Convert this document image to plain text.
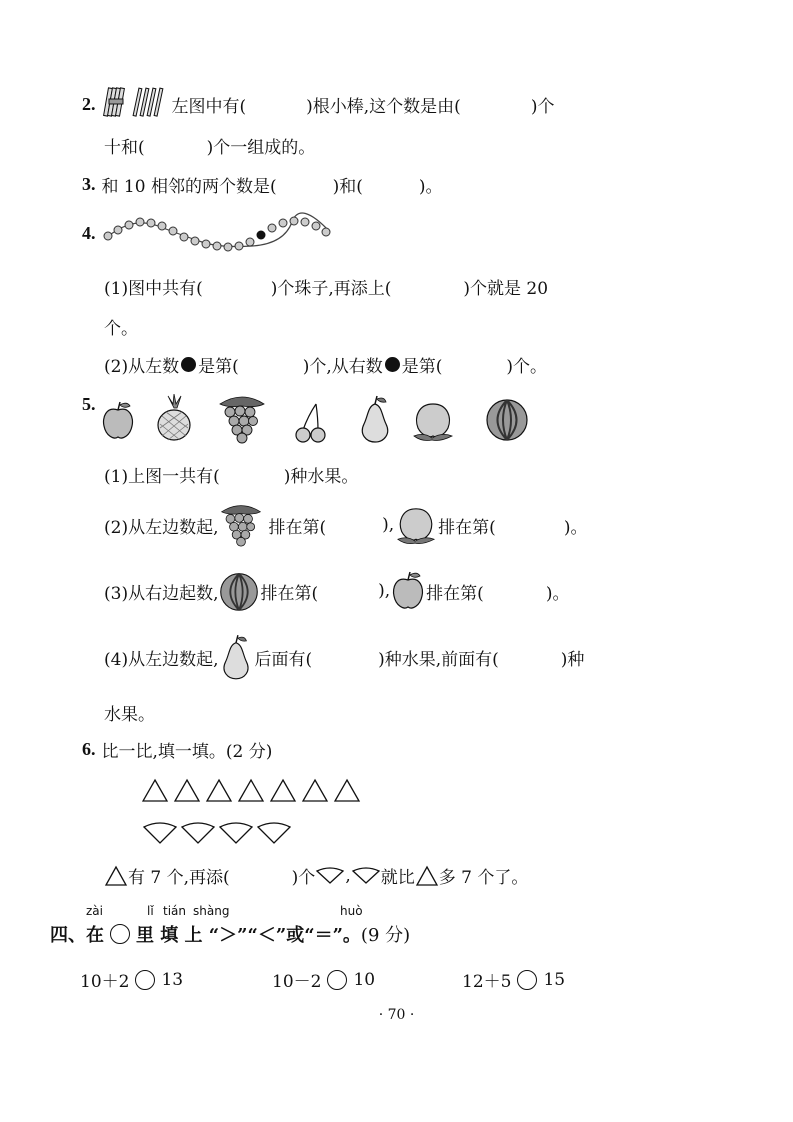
2.	左图中有(	)根小棒,这个数是由(	)个
十和(	)个一组成的。
3. 和 10 相邻的两个数是(	)和(	)。
4.
(1)图中共有(	)个珠子,再添上(	)个就是 20
个。
(2)从左数 是第(	)个,从右数 是第(	)个。
5.
(1)上图一共有(	)种水果。
(2)从左边数起,	排在第(	),	排在第(	)。
(3)从右边起数, 排在第(	), 排在第(	)。
(4)从左边数起, 后面有(	)种水果,前面有(	)种
水果。
6. 比一比,填一填。(2 分)
有 7 个,再添(	)个 , 就比 多 7 个了。
zài	lǐ tián shàng	huò
四、在 里 填 上 “＞”“＜”或“＝”。 (9 分)
10＋2 13	10－2 10	12＋5 15
· 70 ·
